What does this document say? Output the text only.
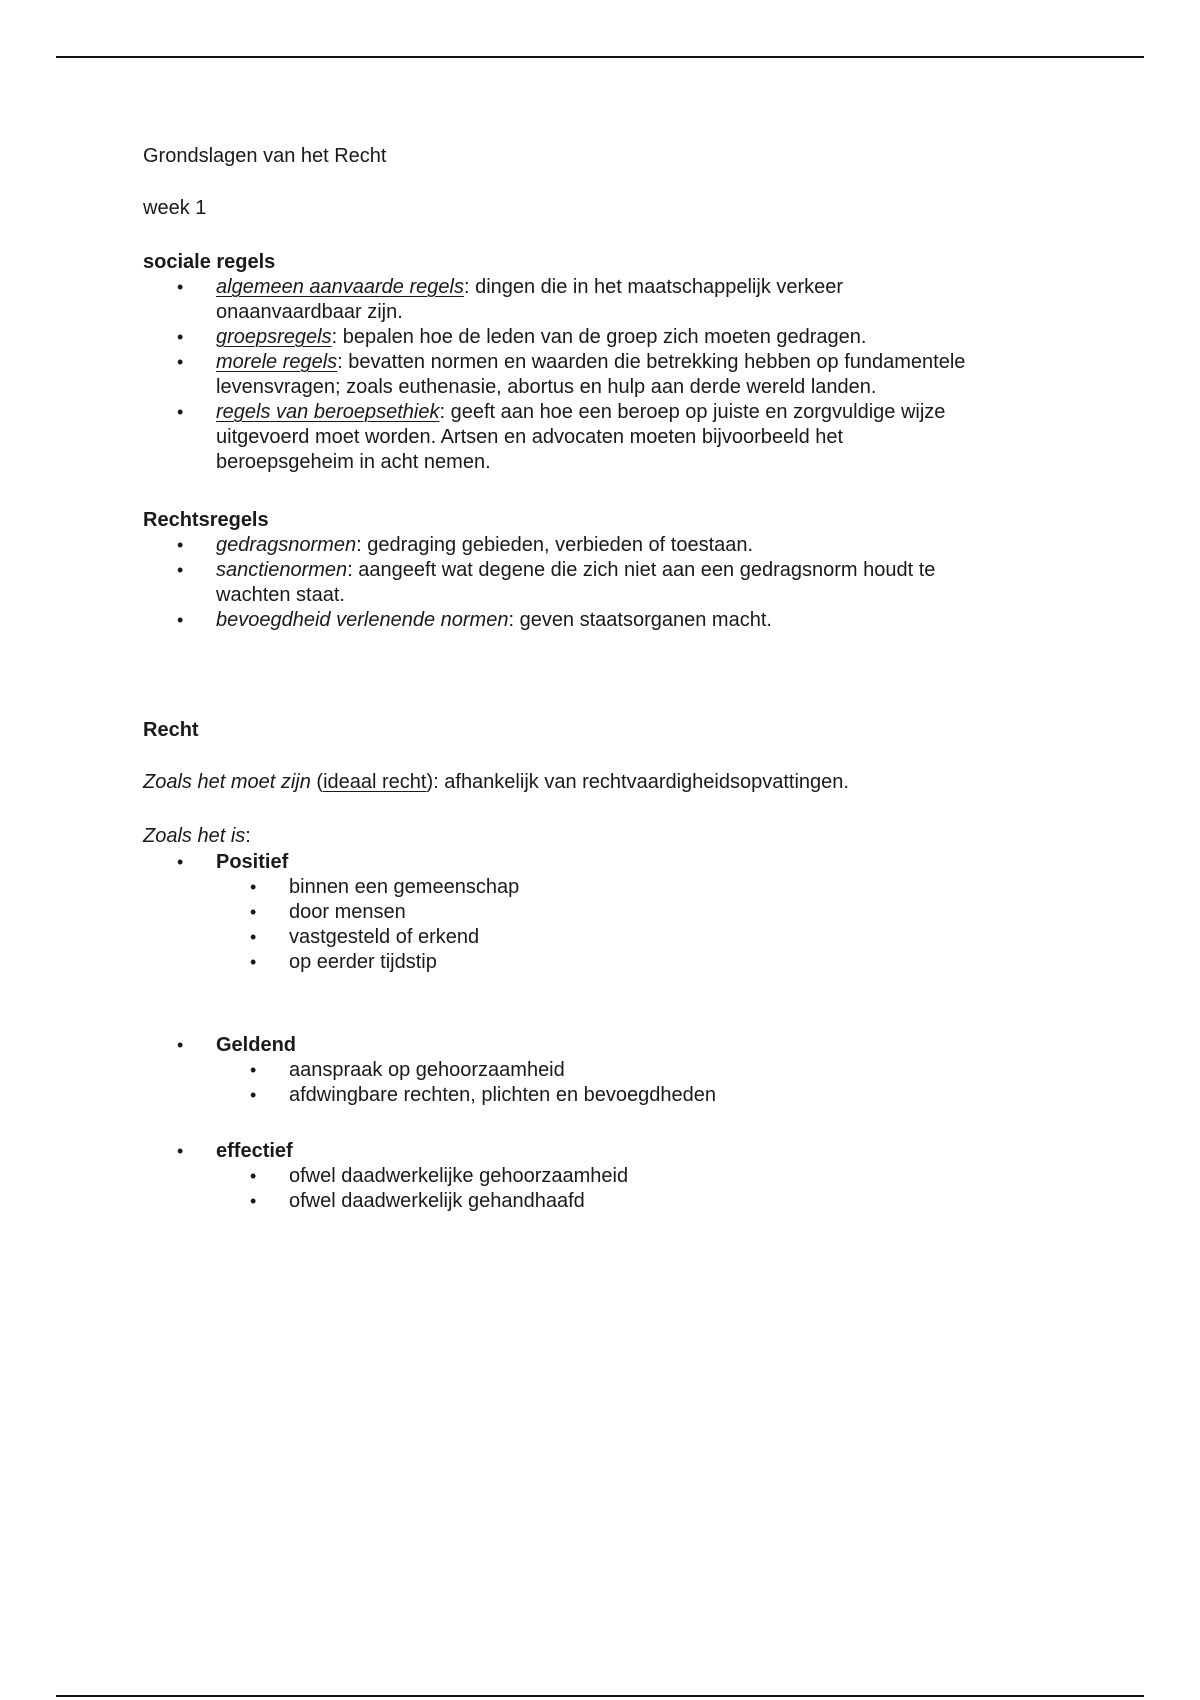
Grondslagen van het Recht
week 1
sociale regels
• algemeen aanvaarde regels: dingen die in het maatschappelijk verkeer
onaanvaardbaar zijn.
• groepsregels: bepalen hoe de leden van de groep zich moeten gedragen.
• morele regels: bevatten normen en waarden die betrekking hebben op fundamentele
levensvragen; zoals euthenasie, abortus en hulp aan derde wereld landen.
• regels van beroepsethiek: geeft aan hoe een beroep op juiste en zorgvuldige wijze
uitgevoerd moet worden. Artsen en advocaten moeten bijvoorbeeld het
beroepsgeheim in acht nemen.
Rechtsregels
• gedragsnormen: gedraging gebieden, verbieden of toestaan.
• sanctienormen: aangeeft wat degene die zich niet aan een gedragsnorm houdt te
wachten staat.
• bevoegdheid verlenende normen: geven staatsorganen macht.
Recht
Zoals het moet zijn (ideaal recht): afhankelijk van rechtvaardigheidsopvattingen.
Zoals het is:
• Positief
• binnen een gemeenschap
• door mensen
• vastgesteld of erkend
• op eerder tijdstip
• Geldend
• aanspraak op gehoorzaamheid
• afdwingbare rechten, plichten en bevoegdheden
• effectief
• ofwel daadwerkelijke gehoorzaamheid
• ofwel daadwerkelijk gehandhaafd
